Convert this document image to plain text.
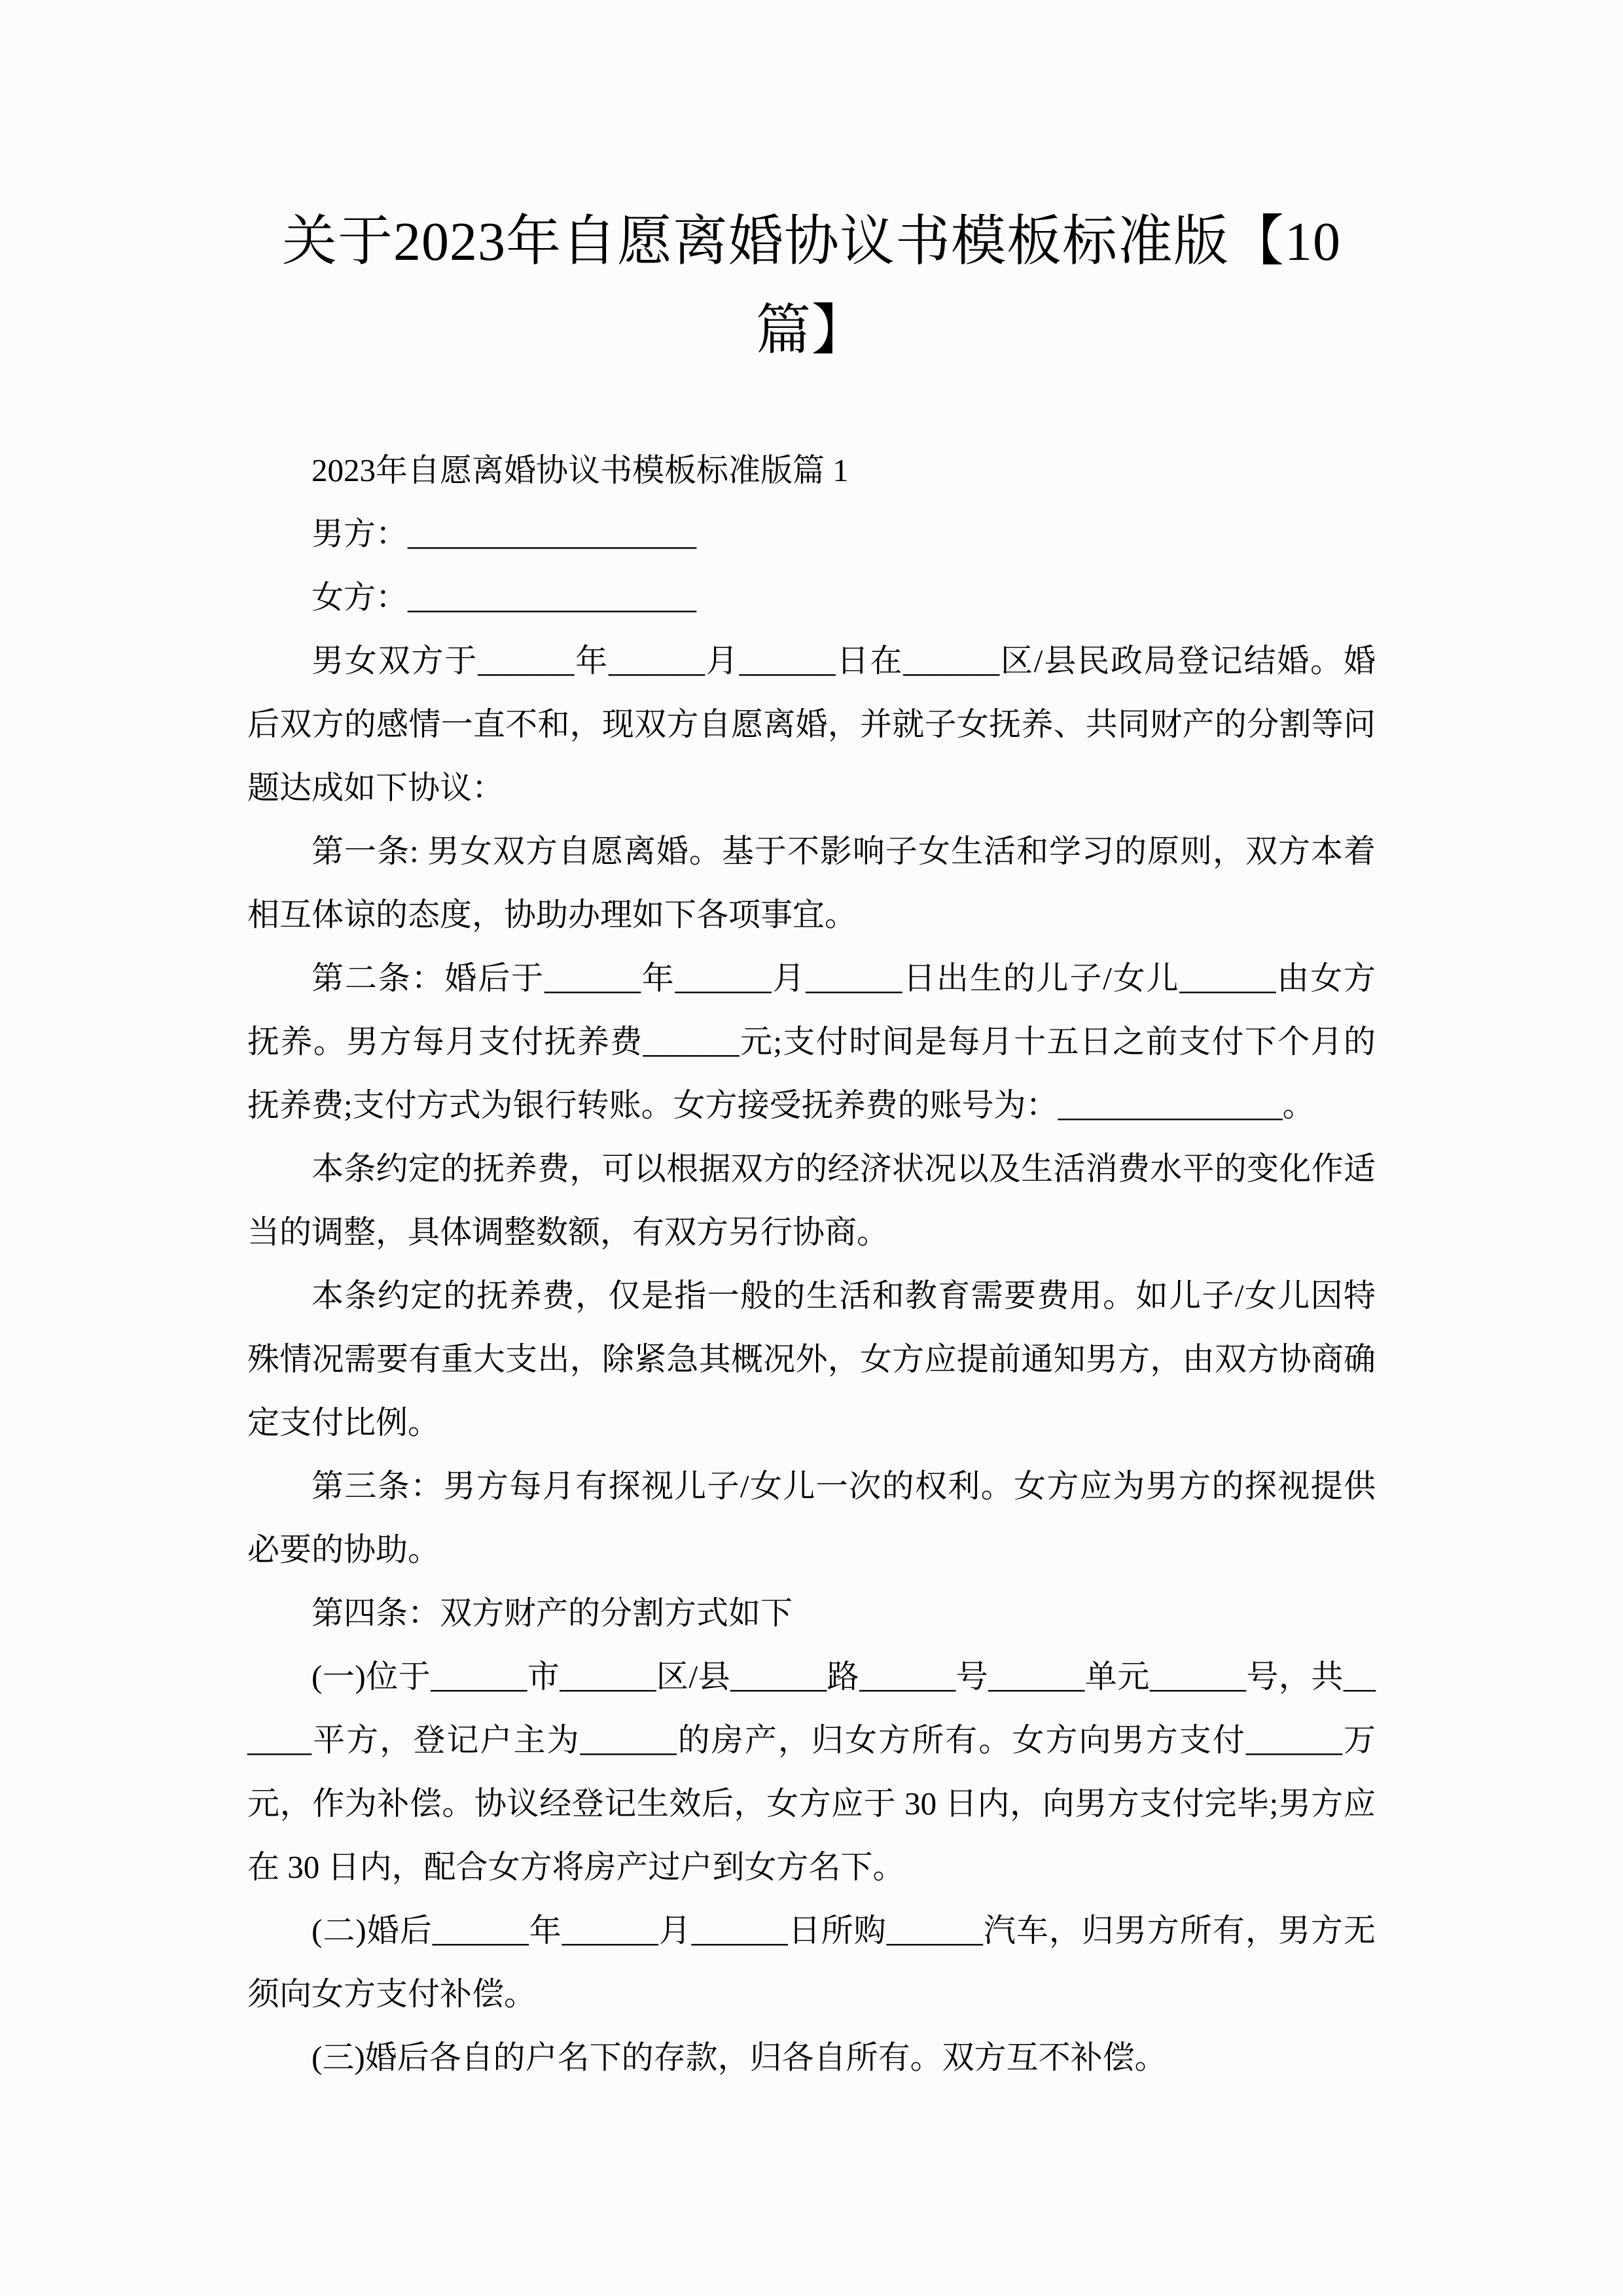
关于2023年自愿离婚协议书模板标准版【10篇】

2023年自愿离婚协议书模板标准版篇 1

男方：__________________

女方：__________________

男女双方于______年______月______日在______区/县民政局登记结婚。婚后双方的感情一直不和，现双方自愿离婚，并就子女抚养、共同财产的分割等问题达成如下协议：

第一条: 男女双方自愿离婚。基于不影响子女生活和学习的原则，双方本着相互体谅的态度，协助办理如下各项事宜。

第二条：婚后于______年______月______日出生的儿子/女儿______由女方抚养。男方每月支付抚养费______元;支付时间是每月十五日之前支付下个月的抚养费;支付方式为银行转账。女方接受抚养费的账号为：______________。

本条约定的抚养费，可以根据双方的经济状况以及生活消费水平的变化作适当的调整，具体调整数额，有双方另行协商。

本条约定的抚养费，仅是指一般的生活和教育需要费用。如儿子/女儿因特殊情况需要有重大支出，除紧急其概况外，女方应提前通知男方，由双方协商确定支付比例。

第三条：男方每月有探视儿子/女儿一次的权利。女方应为男方的探视提供必要的协助。

第四条：双方财产的分割方式如下

(一)位于______市______区/县______路______号______单元______号，共______平方，登记户主为______的房产，归女方所有。女方向男方支付______万元，作为补偿。协议经登记生效后，女方应于 30 日内，向男方支付完毕;男方应在 30 日内，配合女方将房产过户到女方名下。

(二)婚后______年______月______日所购______汽车，归男方所有，男方无须向女方支付补偿。

(三)婚后各自的户名下的存款，归各自所有。双方互不补偿。
